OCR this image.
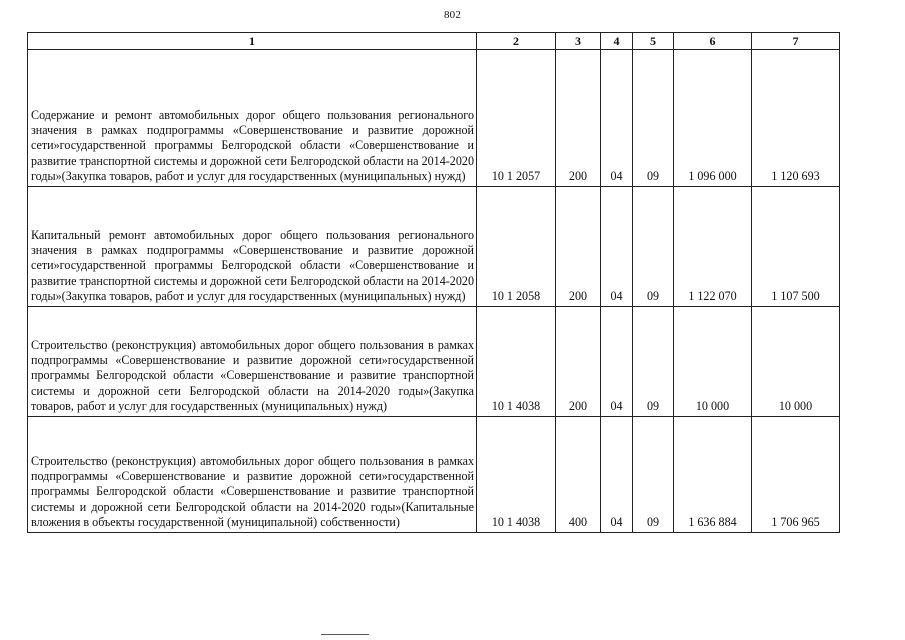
802
1	2	3	4	5	6	7

Содержание и ремонт автомобильных дорог общего пользования регионального значения в рамках подпрограммы «Совершенствование и развитие дорожной сети»государственной программы Белгородской области «Совершенствование и развитие транспортной системы и дорожной сети Белгородской области на 2014-2020 годы»(Закупка товаров, работ и услуг для государственных (муниципальных) нужд)	10 1 2057	200	04	09	1 096 000	1 120 693

Капитальный ремонт автомобильных дорог общего пользования регионального значения в рамках подпрограммы «Совершенствование и развитие дорожной сети»государственной программы Белгородской области «Совершенствование и развитие транспортной системы и дорожной сети Белгородской области на 2014-2020 годы»(Закупка товаров, работ и услуг для государственных (муниципальных) нужд)	10 1 2058	200	04	09	1 122 070	1 107 500

Строительство (реконструкция) автомобильных дорог общего пользования в рамках подпрограммы «Совершенствование и развитие дорожной сети»государственной программы Белгородской области «Совершенствование и развитие транспортной системы и дорожной сети Белгородской области на 2014-2020 годы»(Закупка товаров, работ и услуг для государственных (муниципальных) нужд)	10 1 4038	200	04	09	10 000	10 000

Строительство (реконструкция) автомобильных дорог общего пользования в рамках подпрограммы «Совершенствование и развитие дорожной сети»государственной программы Белгородской области «Совершенствование и развитие транспортной системы и дорожной сети Белгородской области на 2014-2020 годы»(Капитальные вложения в объекты государственной (муниципальной) собственности)	10 1 4038	400	04	09	1 636 884	1 706 965
